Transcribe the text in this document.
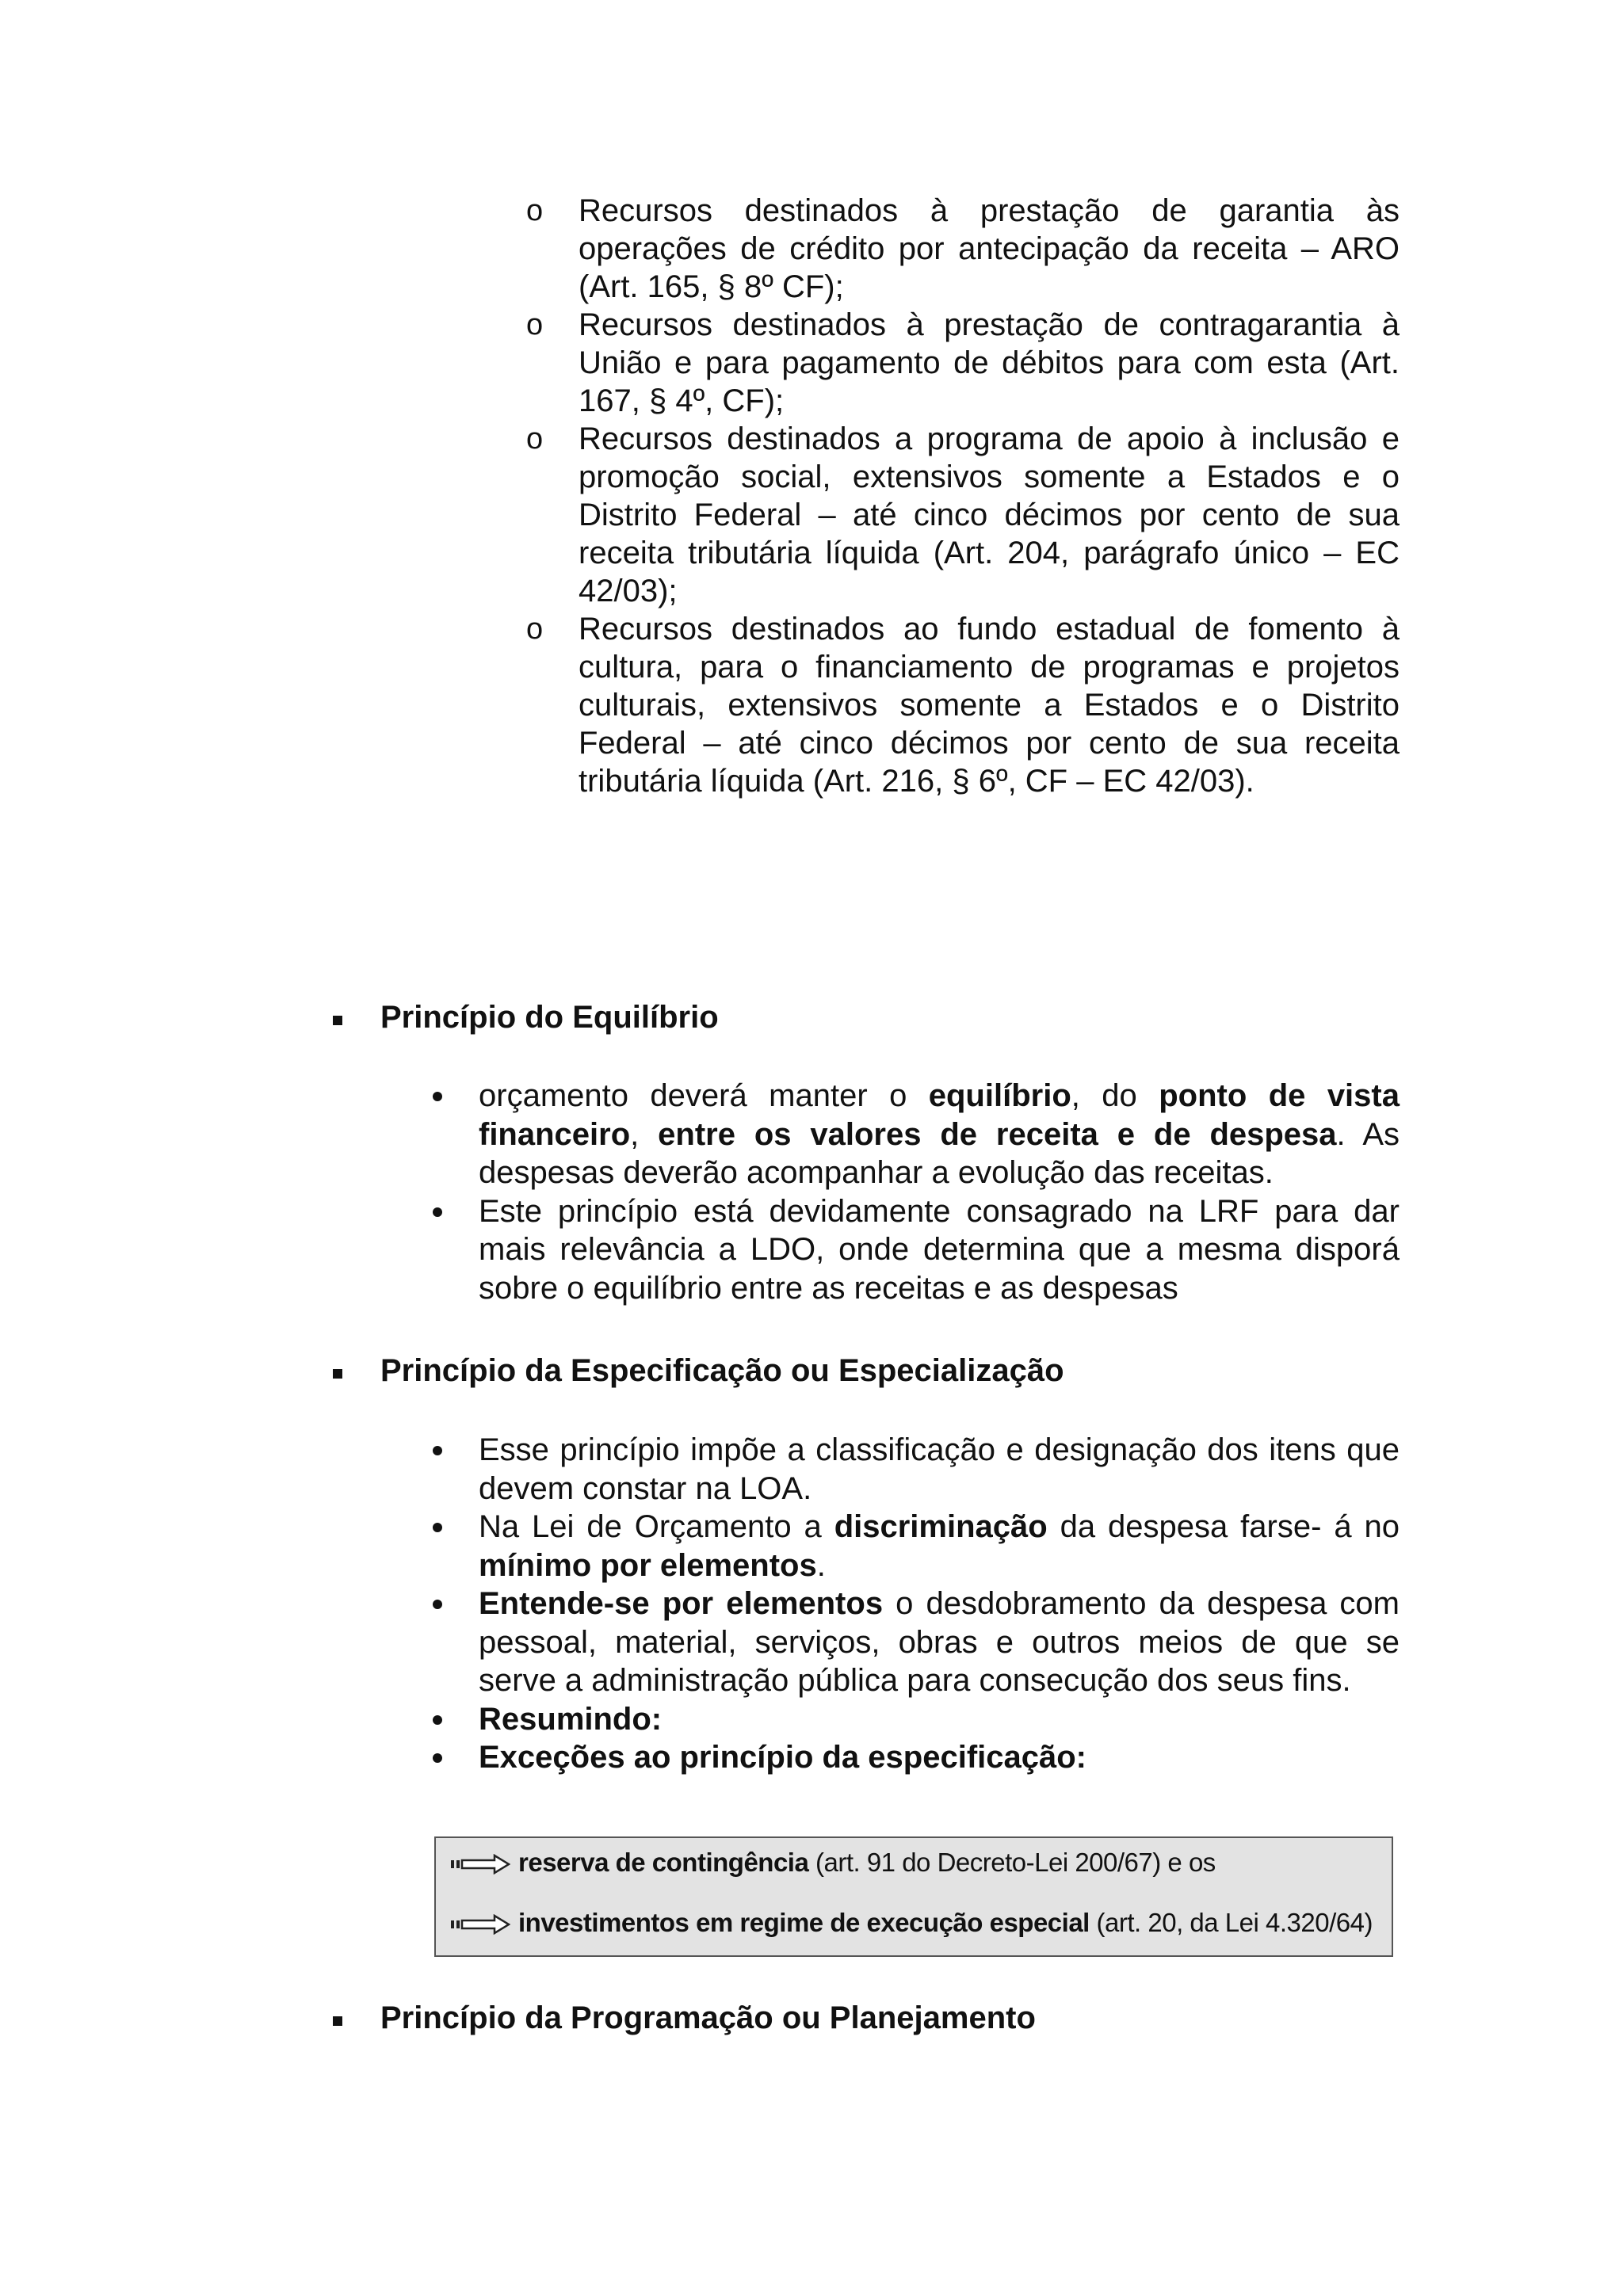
o Recursos destinados à prestação de garantia às operações de crédito por antecipação da receita – ARO (Art. 165, § 8º CF);
o Recursos destinados à prestação de contragarantia à União e para pagamento de débitos para com esta (Art. 167, § 4º, CF);
o Recursos destinados a programa de apoio à inclusão e promoção social, extensivos somente a Estados e o Distrito Federal – até cinco décimos por cento de sua receita tributária líquida (Art. 204, parágrafo único – EC 42/03);
o Recursos destinados ao fundo estadual de fomento à cultura, para o financiamento de programas e projetos culturais, extensivos somente a Estados e o Distrito Federal – até cinco décimos por cento de sua receita tributária líquida (Art. 216, § 6º, CF – EC 42/03).
Princípio do Equilíbrio
orçamento deverá manter o equilíbrio, do ponto de vista financeiro, entre os valores de receita e de despesa. As despesas deverão acompanhar a evolução das receitas.
Este princípio está devidamente consagrado na LRF para dar mais relevância a LDO, onde determina que a mesma disporá sobre o equilíbrio entre as receitas e as despesas
Princípio da Especificação ou Especialização
Esse princípio impõe a classificação e designação dos itens que devem constar na LOA.
Na Lei de Orçamento a discriminação da despesa farse- á no mínimo por elementos.
Entende-se por elementos o desdobramento da despesa com pessoal, material, serviços, obras e outros meios de que se serve a administração pública para consecução dos seus fins.
Resumindo:
Exceções ao princípio da especificação:
reserva de contingência (art. 91 do Decreto-Lei 200/67) e os
investimentos em regime de execução especial (art. 20, da Lei 4.320/64)
Princípio da Programação ou Planejamento
